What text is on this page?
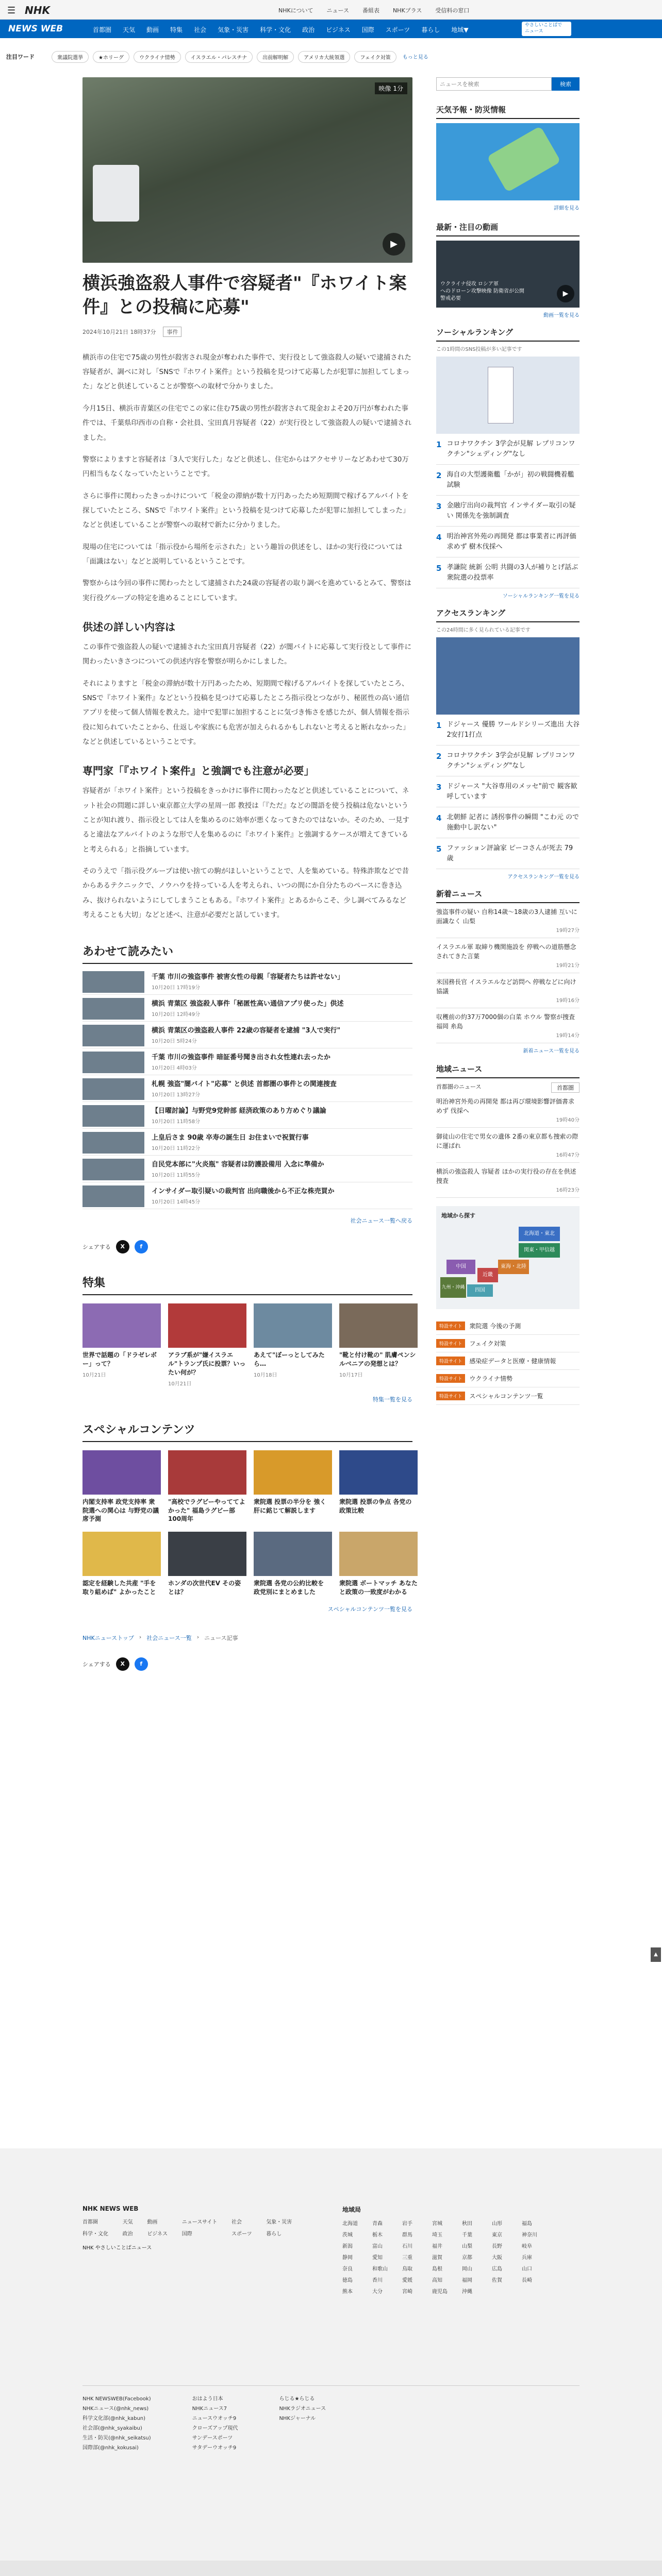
☰ NHK	NHKについて ニュース 番組表 NHKプラス 受信料の窓口
NEWS WEB	首都圏 天気 動画 特集 社会 気象・災害 科学・文化 政治 ビジネス 国際 スポーツ 暮らし 地域▼
やさしいことばで
ニュース
注目ワード	衆議院選挙	★ホリーグ	ウクライナ情勢	イスラエル・パレスチナ	出前解明解	アメリカ大統領選	フェイク対策	もっと見る
映像 1分
▶
横浜強盗殺人事件で容疑者"『ホワイト案件』との投稿に応募"
2024年10月21日 18時37分	事件

横浜市の住宅で75歳の男性が殺害され現金が奪われた事件で、実行役として強盗殺人の疑いで逮捕された容疑者が、調べに対し「SNSで『ホワイト案件』という投稿を見つけて応募したが犯罪に加担してしまった」などと供述していることが警察への取材で分かりました。

今月15日、横浜市青葉区の住宅でこの家に住む75歳の男性が殺害されて現金およそ20万円が奪われた事件では、千葉県印西市の自称・会社員、宝田真月容疑者（22）が実行役として強盗殺人の疑いで逮捕されました。

警察によりますと容疑者は「3人で実行した」などと供述し、住宅からはアクセサリーなどあわせて30万円相当もなくなっていたということです。

さらに事件に関わったきっかけについて「税金の滞納が数十万円あったため短期間で稼げるアルバイトを探していたところ、SNSで『ホワイト案件』という投稿を見つけて応募したが犯罪に加担してしまった」などと供述していることが警察への取材で新たに分かりました。

現場の住宅については「指示役から場所を示された」という趣旨の供述をし、ほかの実行役については「面識はない」などと説明しているということです。

警察からは今回の事件に関わったとして逮捕された24歳の容疑者の取り調べを進めているとみて、警察は実行役グループの特定を進めることにしています。

供述の詳しい内容は

この事件で強盗殺人の疑いで逮捕された宝田真月容疑者（22）が闇バイトに応募して実行役として事件に関わったいきさつについての供述内容を警察が明らかにしました。

それによりますと「税金の滞納が数十万円あったため、短期間で稼げるアルバイトを探していたところ、SNSで『ホワイト案件』などという投稿を見つけて応募したところ指示役とつながり、秘匿性の高い通信アプリを使って個人情報を教えた。途中で犯罪に加担することに気づき怖さを感じたが、個人情報を指示役に知られていたことから、仕返しや家族にも危害が加えられるかもしれないと考えると断れなかった」などと供述しているということです。

専門家「『ホワイト案件』と強調でも注意が必要」

容疑者が「ホワイト案件」という投稿をきっかけに事件に関わったなどと供述していることについて、ネット社会の問題に詳しい東京都立大学の星周一郎 教授は「『ただ』などの闇語を使う投稿は危ないということが知れ渡り、指示役としては人を集めるのに効率が悪くなってきたのではないか。そのため、一見すると違法なアルバイトのような形で人を集めるのに『ホワイト案件』と強調するケースが増えてきていると考えられる」と指摘しています。

そのうえで「指示役グループは使い捨ての駒がほしいということで、人を集めている。特殊詐欺などで昔からあるテクニックで、ノウハウを持っている人を考えられ、いつの間にか自分たちのペースに巻き込み、抜けられないようにしてしまうこともある。『ホワイト案件』とあるからこそ、少し調べてみるなど考えることも大切」などと述べ、注意が必要だと話しています。

あわせて読みたい
千葉 市川の強盗事件 被害女性の母親「容疑者たちは許せない」
10月20日 17時19分
横浜 青葉区 強盗殺人事件「秘匿性高い通信アプリ使った」供述
10月20日 12時49分
横浜 青葉区の強盗殺人事件 22歳の容疑者を逮捕 "3人で実行"
10月20日 5時24分
千葉 市川の強盗事件 暗証番号聞き出され女性連れ去ったか
10月20日 4時03分
札幌 強盗"闇バイト"応募" と供述 首都圏の事件との関連捜査
10月20日 13時27分
【日曜討論】与野党9党幹部 経済政策のあり方めぐり議論
10月20日 11時58分
上皇后さま 90歳 卒寿の誕生日 お住まいで祝賀行事
10月20日 11時22分
自民党本部に"火炎瓶" 容疑者は防護設備用 入念に準備か
10月20日 11時55分
インサイダー取引疑いの裁判官 出向職後から不正な株売買か
10月20日 14時45分
社会ニュース一覧へ戻る
シェアする	X	f
特集
世界で話題の「ドラゼレボー」って？
10月21日
アラブ系が"嫌イスラエル"トランプ氏に投票？いったい何が？
10月21日
あえて"ぼーっとしてみたら…
10月18日
"靴と付け靴の" 肌膚ペンシルベニアの発想とは？
10月17日
特集一覧を見る
スペシャルコンテンツ
内閣支持率 政党支持率 衆院選への関心は 与野党の議席予測
"高校でラグビーやっててよかった" 福島ラグビー部 100周年
衆院選 投票の半分を 強く肝に銘じて解説します
衆院選 投票の争点 各党の政策比較
認定を経験した共産 "手を取り組めば" よかったこと
ホンダの次世代EV その姿とは？
衆院選 各党の公約比較を 政党別にまとめました
衆院選 ボートマッチ あなたと政策の一致度がわかる
スペシャルコンテンツ一覧を見る
NHKニューストップ › 社会ニュース一覧 › ニュース記事
シェアする	X	f
ニュースを検索
検索
天気予報・防災情報
詳細を見る
最新・注目の動画
ウクライナ侵攻 ロシア軍
へのドローン攻撃映像 防衛省が公開
警戒必要
▶
動画一覧を見る
ソーシャルランキング
この1時間のSNS投稿が多い記事です
1 コロナワクチン 3学会が見解 レプリコンワクチン"シェディング"なし
2 海自の大型護衛艦「かが」初の戦闘機着艦試験
3 金融庁出向の裁判官 インサイダー取引の疑い 関係先を強制調査
4 明治神宮外苑の再開発 都は事業者に再評価求めず 樹木伐採へ
5 孝謙院 統新 公明 共闘の3人が補りとげ話ぶ 衆院選の投票率
ソーシャルランキング一覧を見る
アクセスランキング
この24時間に多く見られている記事です
1 ドジャース 優勝 ワールドシリーズ進出 大谷2安打1打点
2 コロナワクチン 3学会が見解 レプリコンワクチン"シェディング"なし
3 ドジャース "大谷専用のメッセ"前で 観客歓呼しています
4 北朝鮮 記者に 誘拐事件の瞬間 "こわ元 ので施動中し訳ない"
5 ファッション評論家 ピーコさんが死去 79歳
アクセスランキング一覧を見る
新着ニュース
強盗事件の疑い 自称14歳〜18歳の3人逮捕 互いに面識なく 山梨
19時27分
イスラエル軍 取締り機関施設を 停戦への道筋懸念されてきた言葉
19時21分
米国務長官 イスラエルなど訪問へ 停戦などに向け協議
19時16分
収穫前の約37万7000個の白菜 ホウル 警察が捜査 福岡 糸島
19時14分
新着ニュース一覧を見る
地域ニュース
首都圏のニュース	首都圏
明治神宮外苑の再開発 都は再び環境影響評価書求めず 伐採へ
19時40分
御徒山の住宅で男女の遺体 2番の東京都も捜索の際に運ばれ
16時47分
横浜の強盗殺人 容疑者 ほかの実行役の存在を供述 捜査
16時23分
地域から探す
北海道・東北
関東・甲信越
東海・北陸
近畿
中国
四国
九州・沖縄
特設サイト	衆院選 今後の予測
特設サイト	フェイク対策
特設サイト	感染症データと医療・健康情報
特設サイト	ウクライナ情勢
特設サイト	スペシャルコンテンツ一覧
▲
NHK NEWS WEB
首都圏	天気	動画	ニュースサイト	社会	気象・災害
科学・文化	政治	ビジネス	国際	スポーツ	暮らし
NHK やさしいことばニュース
地域局
北海道	青森	岩手	宮城	秋田	山形	福島
茨城	栃木	群馬	埼玉	千葉	東京	神奈川
新潟	富山	石川	福井	山梨	長野	岐阜
静岡	愛知	三重	滋賀	京都	大阪	兵庫
奈良	和歌山	鳥取	島根	岡山	広島	山口
徳島	香川	愛媛	高知	福岡	佐賀	長崎
熊本	大分	宮崎	鹿児島	沖縄
NHK NEWSWEB(Facebook)
NHKニュース(@nhk_news)
科学文化部(@nhk_kabun)
社会部(@nhk_syakaibu)
生活・防災(@nhk_seikatsu)
国際部(@nhk_kokusai)
おはよう日本
NHKニュース7
ニュースウオッチ9
クローズアップ現代
サンデースポーツ
サタデーウオッチ9
らじる★らじる
NHKラジオニュース
NHKジャーナル
